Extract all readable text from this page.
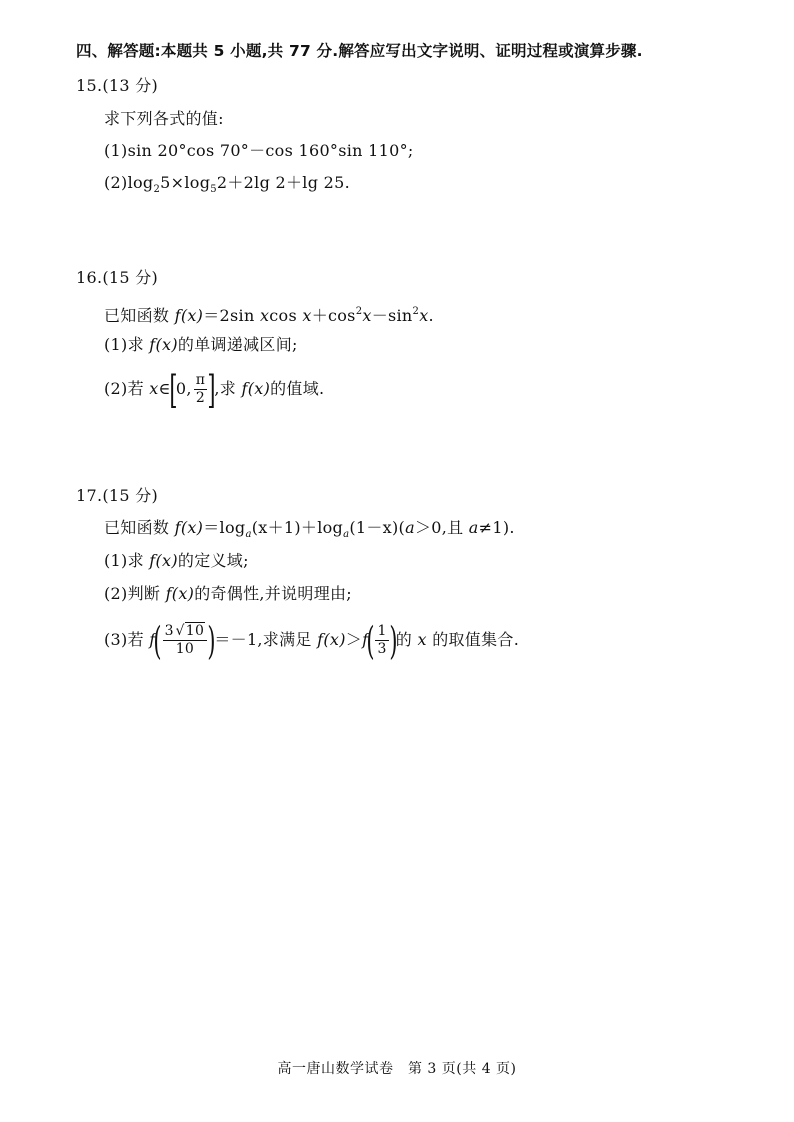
四、解答题:本题共 5 小题,共 77 分.解答应写出文字说明、证明过程或演算步骤.
15.(13 分)
求下列各式的值:
(1)sin 20°cos 70°－cos 160°sin 110°;
$(2)\log_25\times\log_52+2\lg$ 2＋lg 25.
16.(15 分)
已知函数 f(x)＝2sin xcos $x+\cos^2x-\sin^2x$.
(1)求 f(x)的单调递减区间;
(2)若 x∈[0, $\frac{\pi}{2}$ ],求 f(x)的值域.
17.(15 分)
已知函数 $f(x)=\log_a(x+1)+\log_a(1-x)(a>0$,且 a≠1).
(1)求 f(x)的定义域;
(2)判断 f(x)的奇偶性,并说明理由;
(3)若 $f( \frac{3 √10}{10} )=-1$,求满足 $f(x)>f( \frac{1}{3}$ )的 x 的取值集合.
高一唐山数学试卷　第 3 页(共 4 页)
